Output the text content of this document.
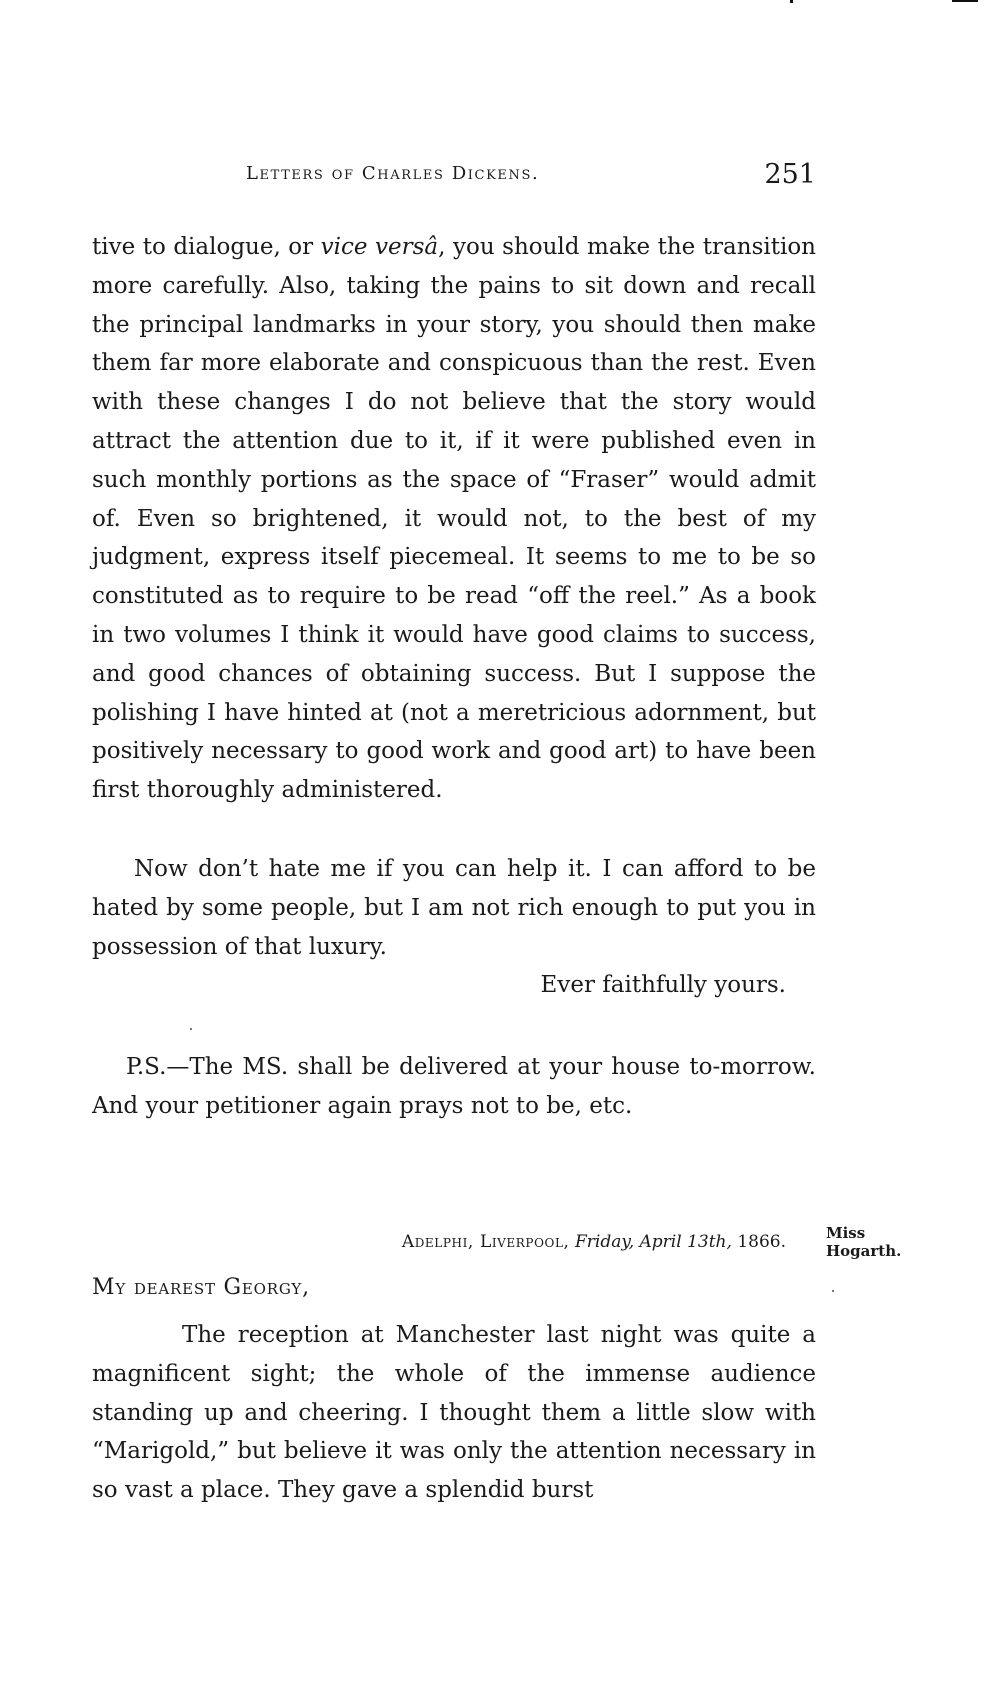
Letters of Charles Dickens.	251

tive to dialogue, or vice versâ, you should make the transition more carefully. Also, taking the pains to sit down and recall the principal landmarks in your story, you should then make them far more elaborate and conspicuous than the rest. Even with these changes I do not believe that the story would attract the attention due to it, if it were published even in such monthly portions as the space of “Fraser” would admit of. Even so brightened, it would not, to the best of my judgment, express itself piecemeal. It seems to me to be so constituted as to require to be read “off the reel.” As a book in two volumes I think it would have good claims to success, and good chances of obtaining success. But I suppose the polishing I have hinted at (not a meretricious adornment, but positively necessary to good work and good art) to have been first thoroughly administered.

Now don’t hate me if you can help it. I can afford to be hated by some people, but I am not rich enough to put you in possession of that luxury.

Ever faithfully yours.

P.S.—The MS. shall be delivered at your house to-morrow. And your petitioner again prays not to be, etc.

Adelphi, Liverpool, Friday, April 13th, 1866.	Miss
Hogarth.
My dearest Georgy,

The reception at Manchester last night was quite a magnificent sight; the whole of the immense audience standing up and cheering. I thought them a little slow with “Marigold,” but believe it was only the attention necessary in so vast a place. They gave a splendid burst
